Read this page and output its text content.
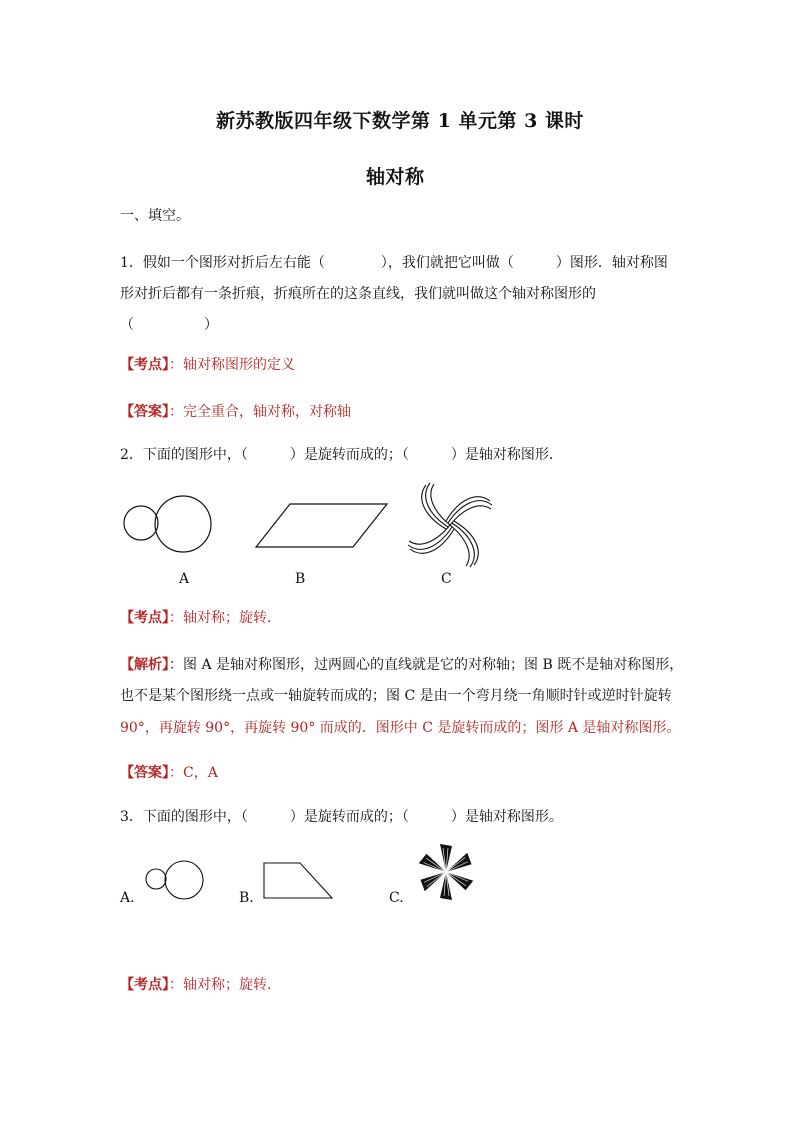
新苏教版四年级下数学第 1 单元第 3 课时
轴对称
一、填空。
1．假如一个图形对折后左右能（　　　　），我们就把它叫做（　　　）图形．轴对称图
形对折后都有一条折痕，折痕所在的这条直线，我们就叫做这个轴对称图形的
（　　　　　）
【考点】：轴对称图形的定义
【答案】：完全重合，轴对称，对称轴
2．下面的图形中，（　　　）是旋转而成的；（　　　）是轴对称图形．
A	B	C
【考点】：轴对称；旋转．
【解析】：图 A 是轴对称图形，过两圆心的直线就是它的对称轴；图 B 既不是轴对称图形，
也不是某个图形绕一点或一轴旋转而成的；图 C 是由一个弯月绕一角顺时针或逆时针旋转
90°，再旋转 90°，再旋转 90° 而成的．图形中 C 是旋转而成的；图形 A 是轴对称图形。
【答案】：C，A
3．下面的图形中，（　　　）是旋转而成的；（　　　）是轴对称图形。
A.	B.	C.
【考点】：轴对称；旋转．
